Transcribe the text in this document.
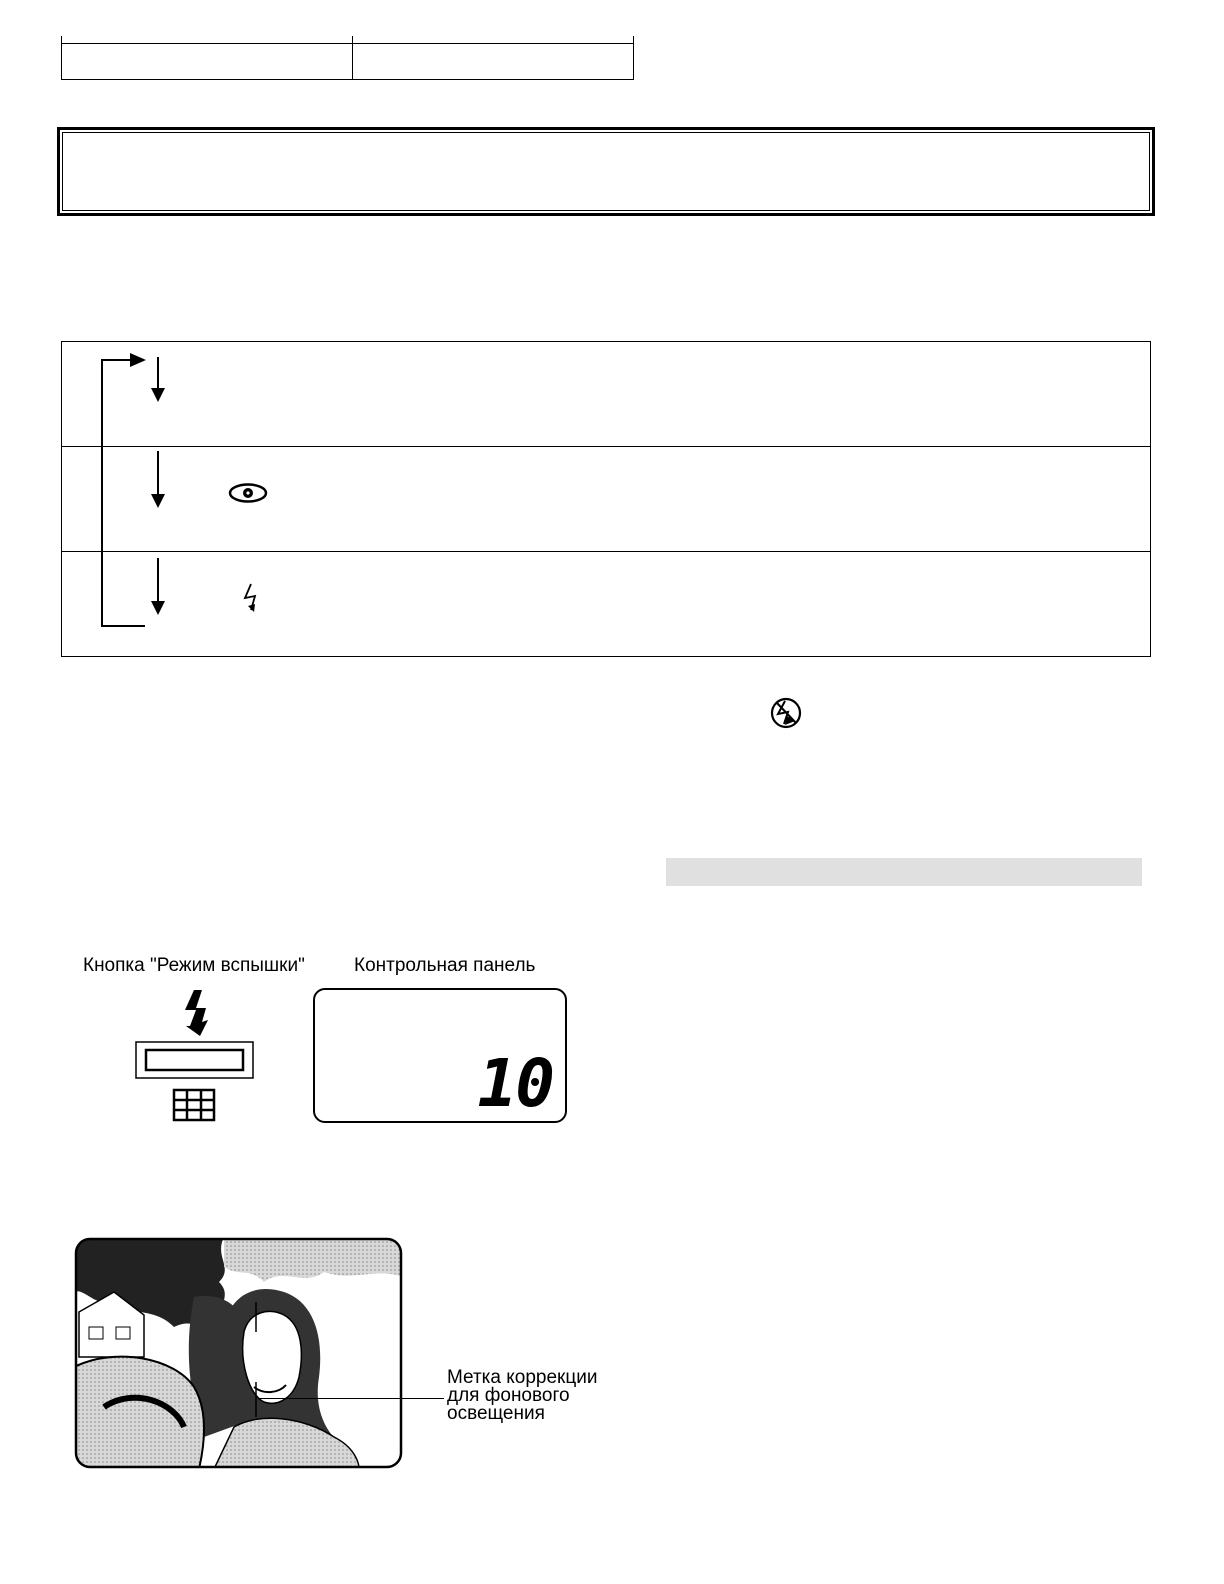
Кнопка "Режим вспышки"	Контрольная панель
10
Метка коррекции
для фонового
освещения
